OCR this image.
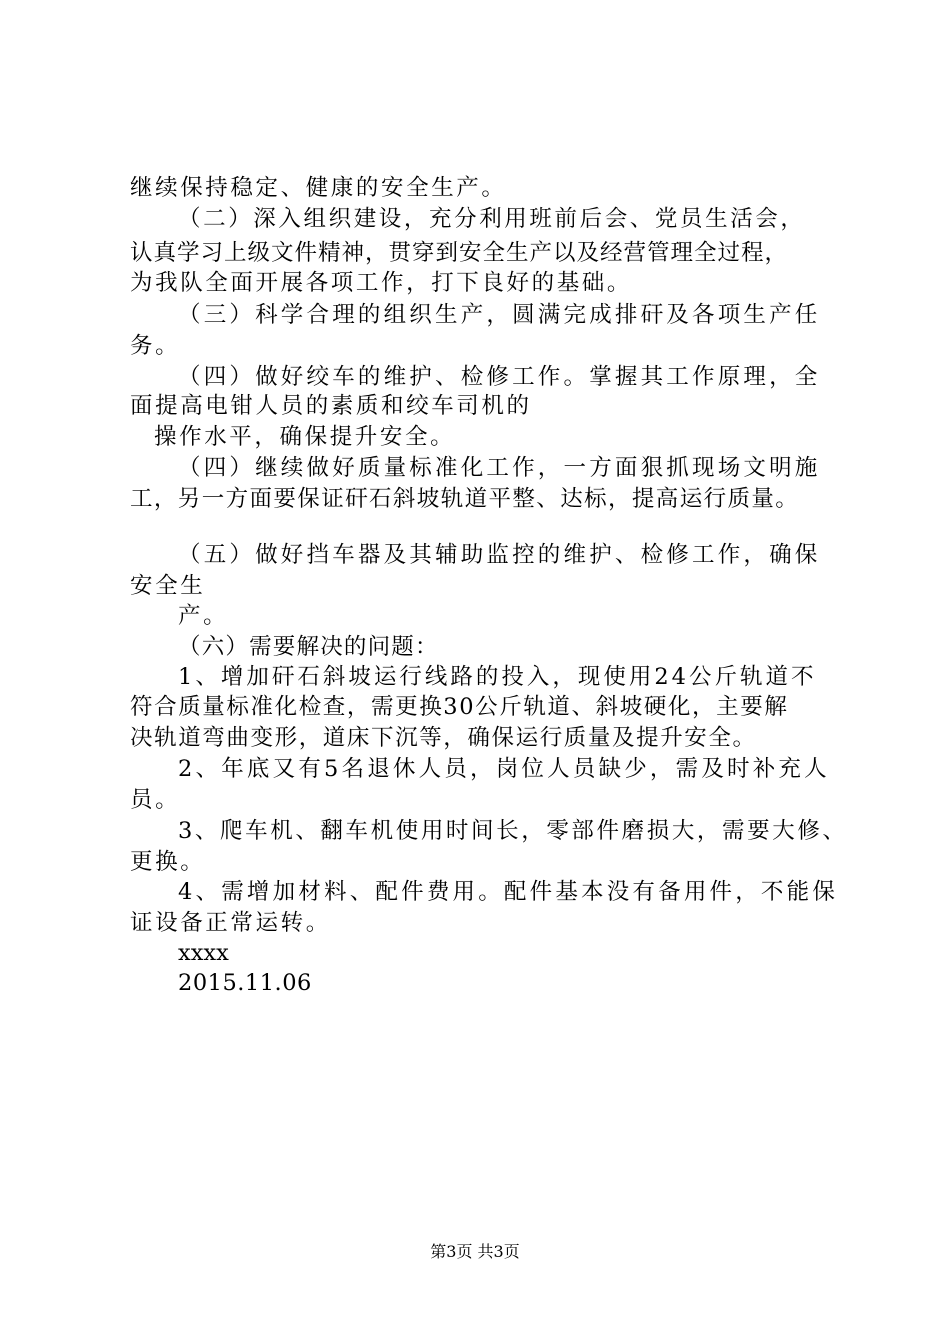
继续保持稳定、健康的安全生产。
（二）深入组织建设，充分利用班前后会、党员生活会，
认真学习上级文件精神，贯穿到安全生产以及经营管理全过程，
为我队全面开展各项工作，打下良好的基础。
（三）科学合理的组织生产，圆满完成排矸及各项生产任
务。
（四）做好绞车的维护、检修工作。掌握其工作原理，全
面提高电钳人员的素质和绞车司机的
操作水平，确保提升安全。
（四）继续做好质量标准化工作，一方面狠抓现场文明施
工，另一方面要保证矸石斜坡轨道平整、达标，提高运行质量。
（五）做好挡车器及其辅助监控的维护、检修工作，确保
安全生
产。
（六）需要解决的问题：
1、增加矸石斜坡运行线路的投入，现使用24公斤轨道不
符合质量标准化检查，需更换30公斤轨道、斜坡硬化，主要解
决轨道弯曲变形，道床下沉等，确保运行质量及提升安全。
2、年底又有5名退休人员，岗位人员缺少，需及时补充人
员。
3、爬车机、翻车机使用时间长，零部件磨损大，需要大修、
更换。
4、需增加材料、配件费用。配件基本没有备用件，不能保
证设备正常运转。
xxxx
2015.11.06
第3页 共3页
